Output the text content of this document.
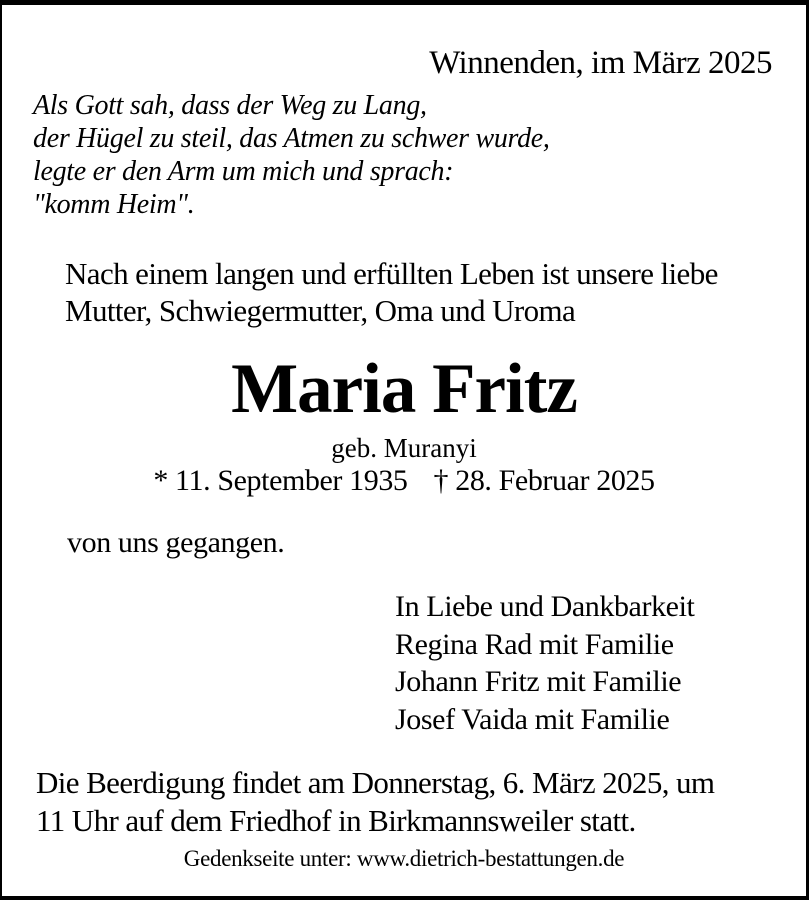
Winnenden, im März 2025
Als Gott sah, dass der Weg zu Lang,
der Hügel zu steil, das Atmen zu schwer wurde,
legte er den Arm um mich und sprach:
"komm Heim".
Nach einem langen und erfüllten Leben ist unsere liebe
Mutter, Schwiegermutter, Oma und Uroma
Maria Fritz
geb. Muranyi
* 11. September 1935 † 28. Februar 2025
von uns gegangen.
In Liebe und Dankbarkeit
Regina Rad mit Familie
Johann Fritz mit Familie
Josef Vaida mit Familie
Die Beerdigung findet am Donnerstag, 6. März 2025, um
11 Uhr auf dem Friedhof in Birkmannsweiler statt.
Gedenkseite unter: www.dietrich-bestattungen.de
